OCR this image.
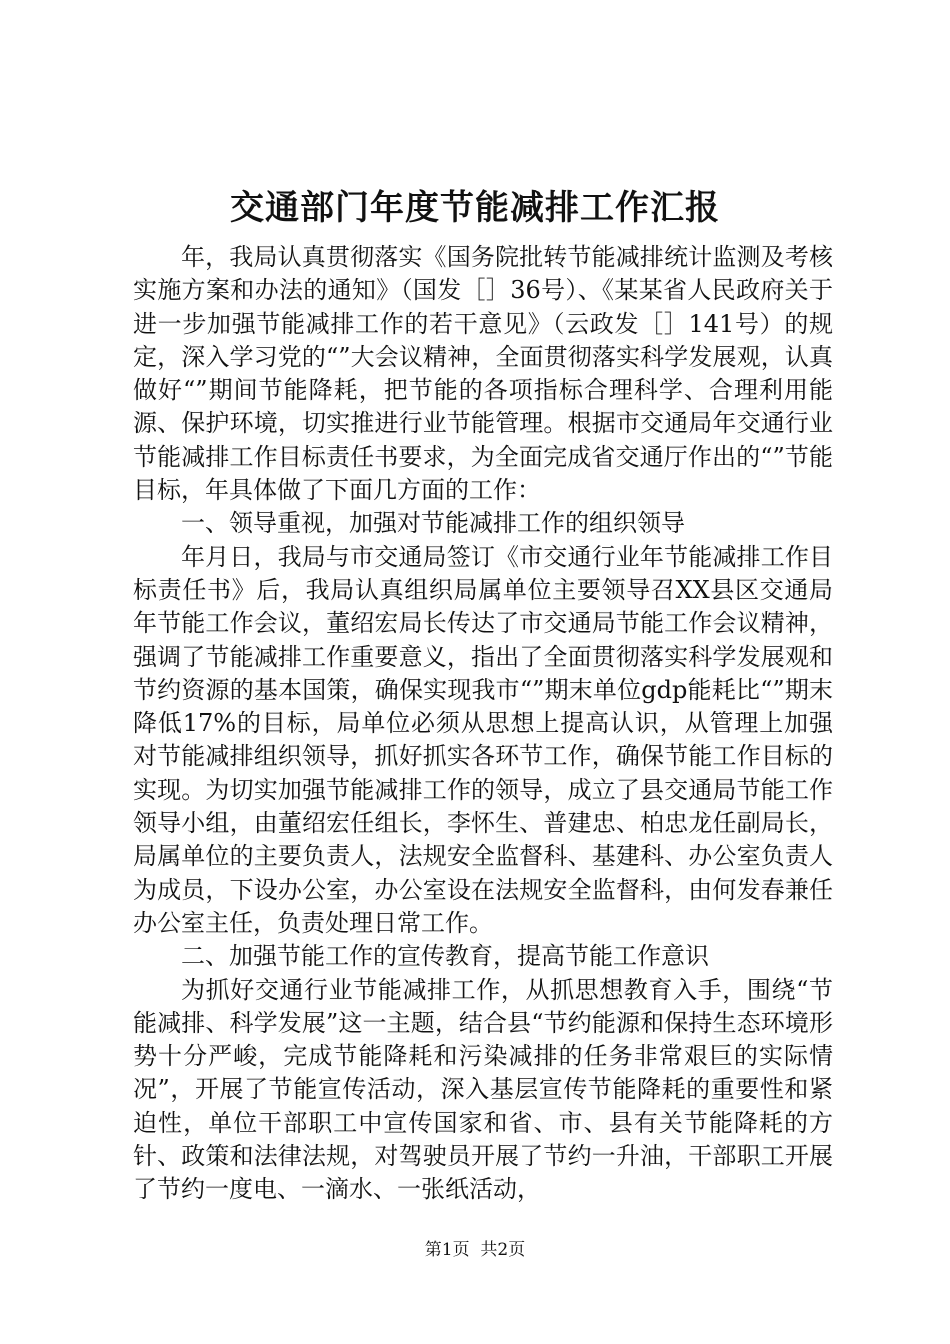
交通部门年度节能减排工作汇报

年，我局认真贯彻落实《国务院批转节能减排统计监测及考核实施方案和办法的通知》（国发［］36号）、《某某省人民政府关于进一步加强节能减排工作的若干意见》（云政发［］141号）的规定，深入学习党的“”大会议精神，全面贯彻落实科学发展观，认真做好“”期间节能降耗，把节能的各项指标合理科学、合理利用能源、保护环境，切实推进行业节能管理。根据市交通局年交通行业节能减排工作目标责任书要求，为全面完成省交通厅作出的“”节能目标，年具体做了下面几方面的工作：

一、领导重视，加强对节能减排工作的组织领导

年月日，我局与市交通局签订《市交通行业年节能减排工作目标责任书》后，我局认真组织局属单位主要领导召XX县区交通局年节能工作会议，董绍宏局长传达了市交通局节能工作会议精神，强调了节能减排工作重要意义，指出了全面贯彻落实科学发展观和节约资源的基本国策，确保实现我市“”期末单位gdp能耗比“”期末降低17%的目标，局单位必须从思想上提高认识，从管理上加强对节能减排组织领导，抓好抓实各环节工作，确保节能工作目标的实现。为切实加强节能减排工作的领导，成立了县交通局节能工作领导小组，由董绍宏任组长，李怀生、普建忠、柏忠龙任副局长，局属单位的主要负责人，法规安全监督科、基建科、办公室负责人为成员，下设办公室，办公室设在法规安全监督科，由何发春兼任办公室主任，负责处理日常工作。

二、加强节能工作的宣传教育，提高节能工作意识

为抓好交通行业节能减排工作，从抓思想教育入手，围绕“节能减排、科学发展”这一主题，结合县“节约能源和保持生态环境形势十分严峻，完成节能降耗和污染减排的任务非常艰巨的实际情况”，开展了节能宣传活动，深入基层宣传节能降耗的重要性和紧迫性，单位干部职工中宣传国家和省、市、县有关节能降耗的方针、政策和法律法规，对驾驶员开展了节约一升油，干部职工开展了节约一度电、一滴水、一张纸活动，

第1页 共2页
